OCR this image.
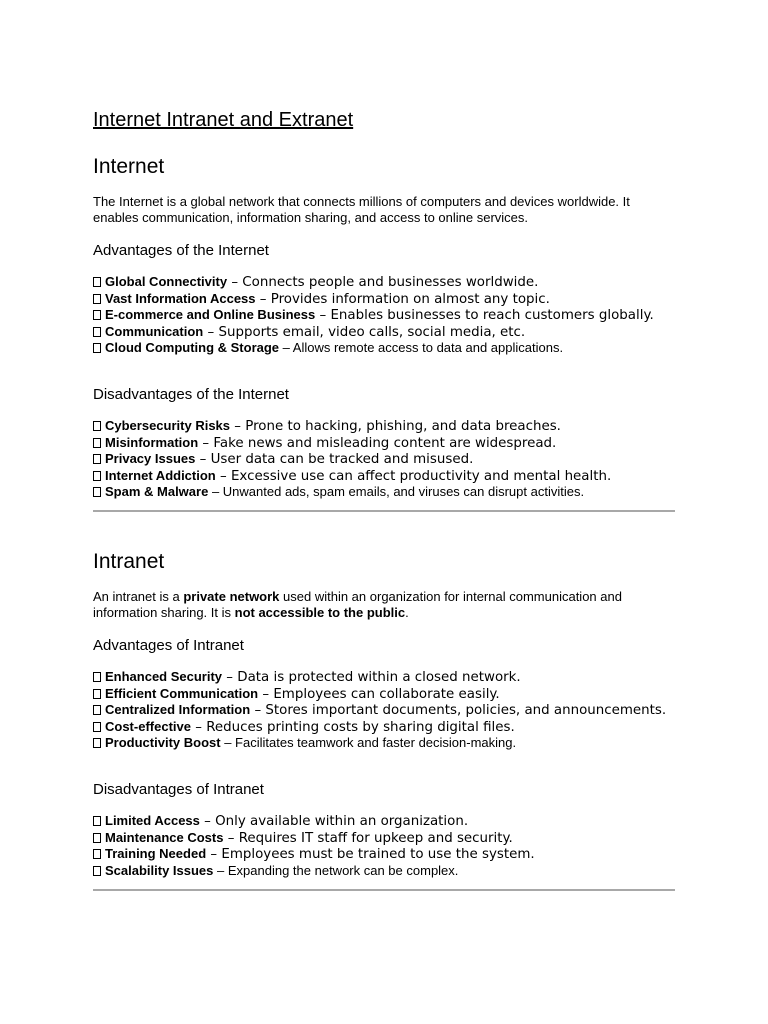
Internet Intranet and Extranet
Internet

The Internet is a global network that connects millions of computers and devices worldwide. It enables communication, information sharing, and access to online services.

Advantages of the Internet
Global Connectivity – Connects people and businesses worldwide.
Vast Information Access – Provides information on almost any topic.
E-commerce and Online Business – Enables businesses to reach customers globally.
Communication – Supports email, video calls, social media, etc.
Cloud Computing & Storage – Allows remote access to data and applications.
Disadvantages of the Internet
Cybersecurity Risks – Prone to hacking, phishing, and data breaches.
Misinformation – Fake news and misleading content are widespread.
Privacy Issues – User data can be tracked and misused.
Internet Addiction – Excessive use can affect productivity and mental health.
Spam & Malware – Unwanted ads, spam emails, and viruses can disrupt activities.
Intranet

An intranet is a private network used within an organization for internal communication and information sharing. It is not accessible to the public.

Advantages of Intranet
Enhanced Security – Data is protected within a closed network.
Efficient Communication – Employees can collaborate easily.
Centralized Information – Stores important documents, policies, and announcements.
Cost-effective – Reduces printing costs by sharing digital files.
Productivity Boost – Facilitates teamwork and faster decision-making.
Disadvantages of Intranet
Limited Access – Only available within an organization.
Maintenance Costs – Requires IT staff for upkeep and security.
Training Needed – Employees must be trained to use the system.
Scalability Issues – Expanding the network can be complex.
